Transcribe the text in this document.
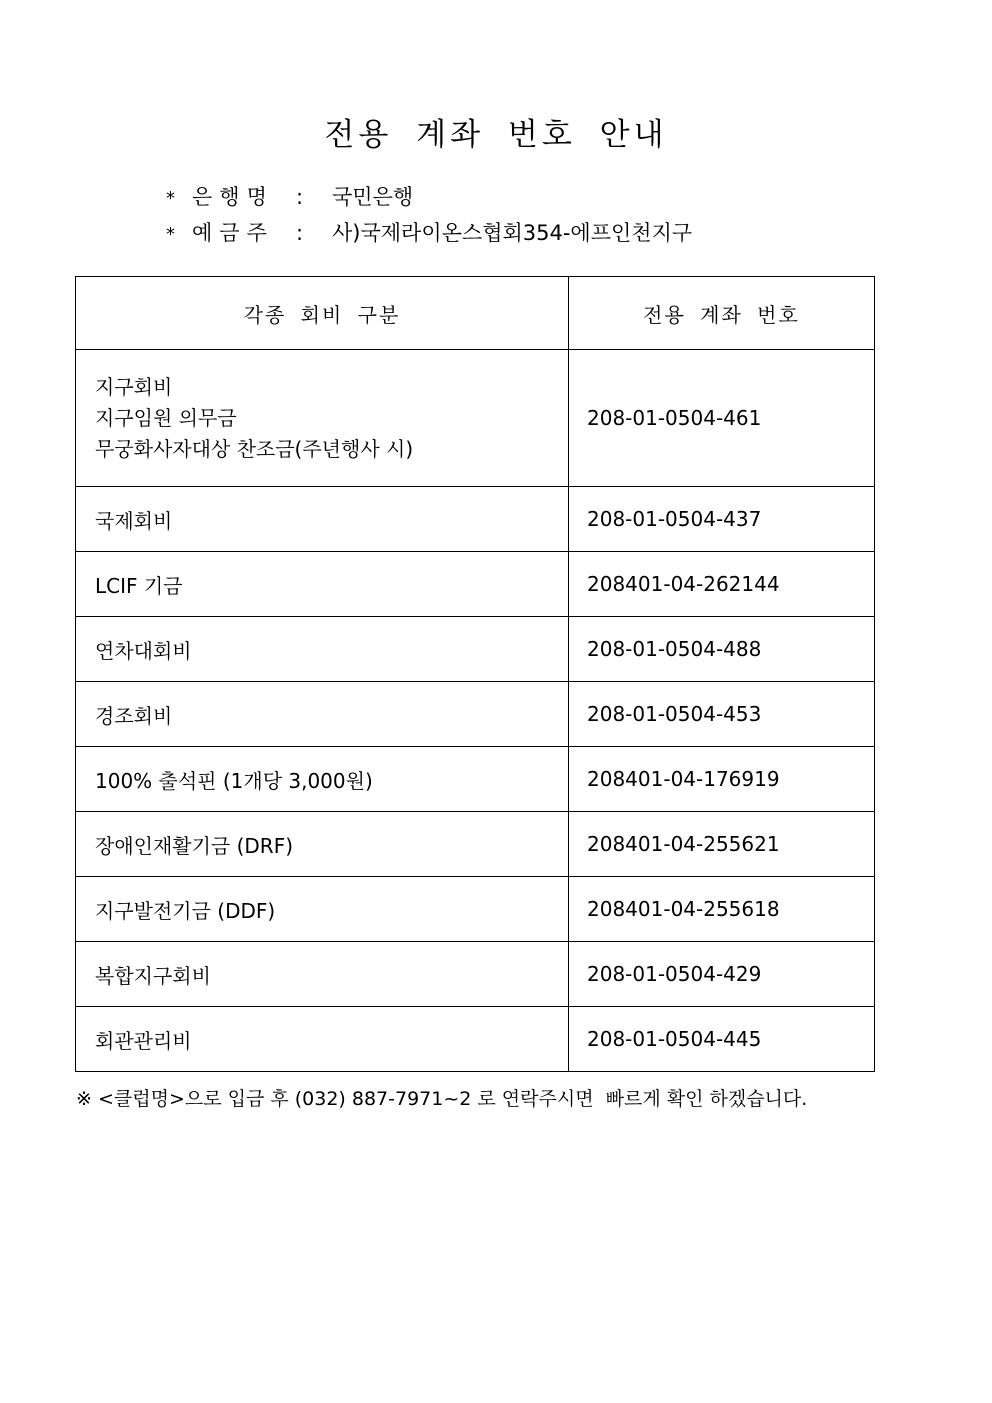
전용 계좌 번호 안내
* 은행명 : 국민은행
* 예금주 : 사)국제라이온스협회354-에프인천지구
각종 회비 구분	전용 계좌 번호

지구회비
지구임원 의무금
무궁화사자대상 찬조금(주년행사 시)	208-01-0504-461
국제회비	208-01-0504-437
LCIF 기금	208401-04-262144
연차대회비	208-01-0504-488
경조회비	208-01-0504-453
100% 출석핀 (1개당 3,000원)	208401-04-176919
장애인재활기금 (DRF)	208401-04-255621
지구발전기금 (DDF)	208401-04-255618
복합지구회비	208-01-0504-429
회관관리비	208-01-0504-445
※ <클럽명>으로 입금 후 (032) 887-7971~2 로 연락주시면  빠르게 확인 하겠습니다.
